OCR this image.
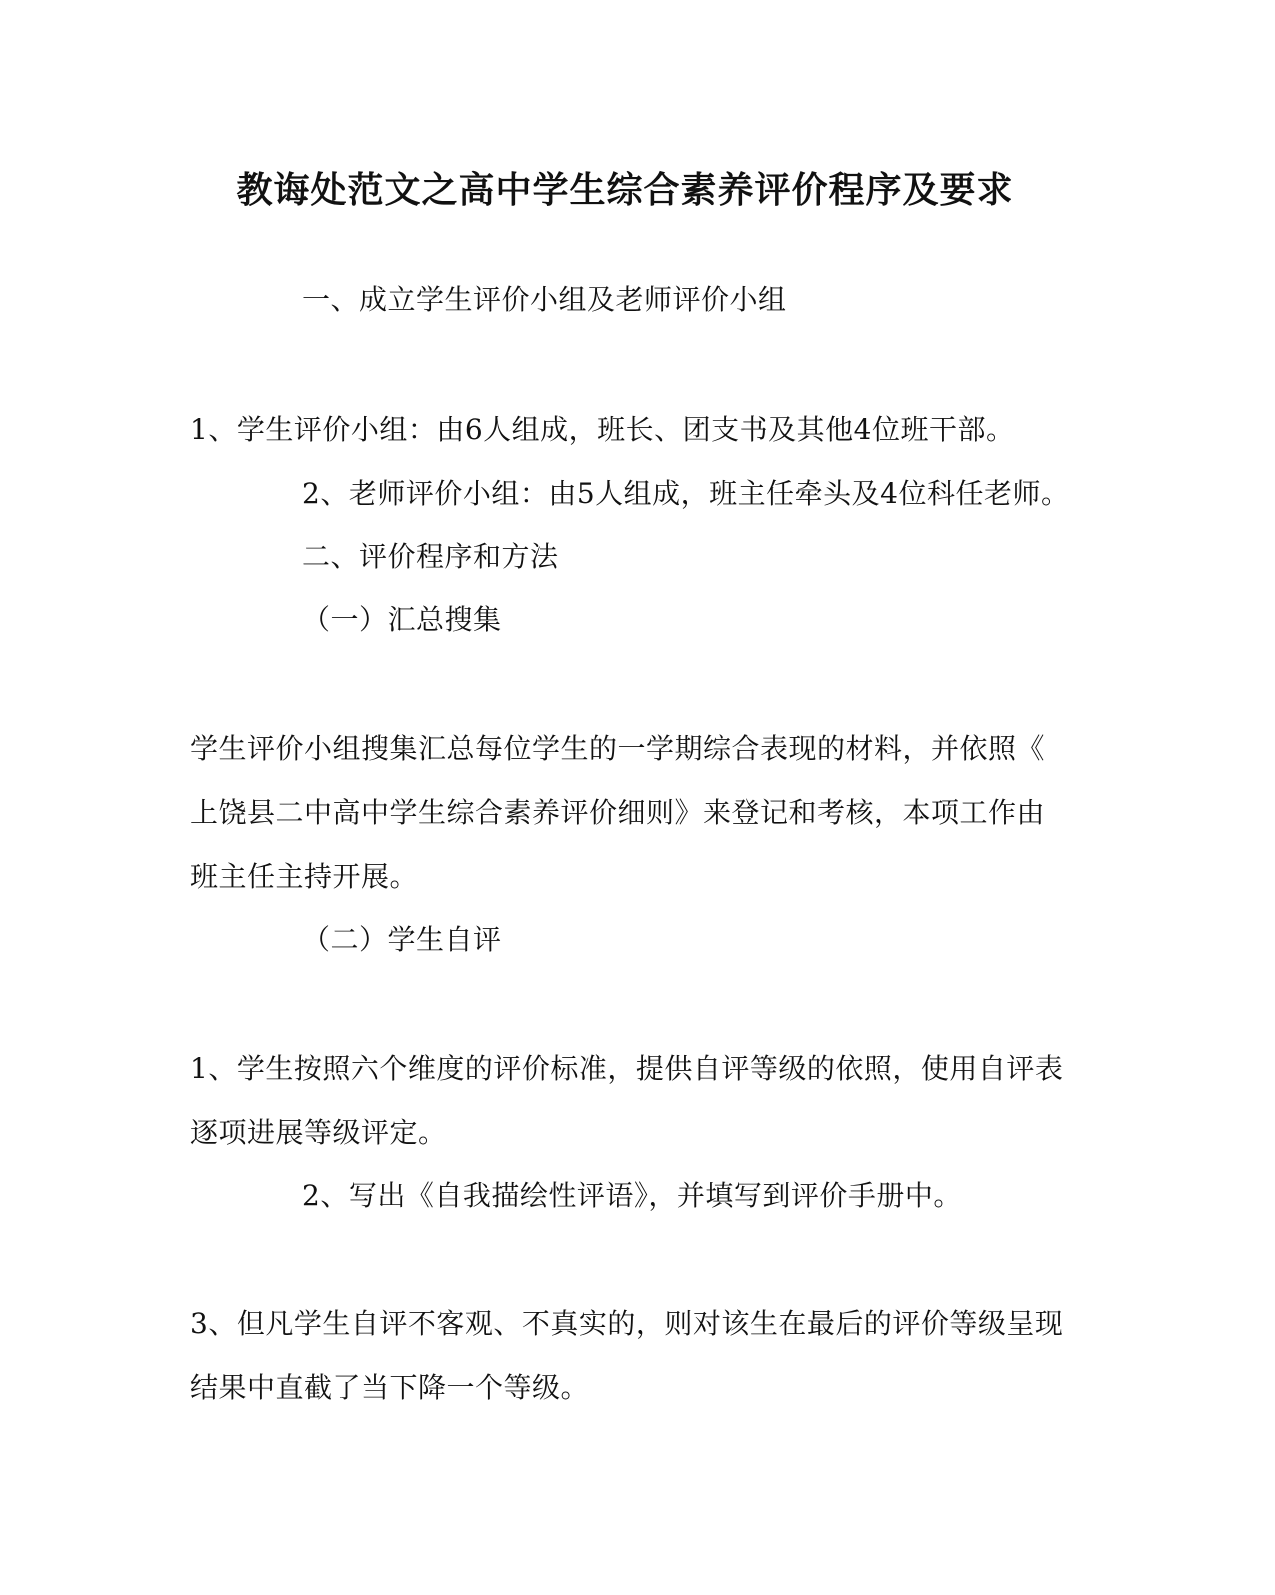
教诲处范文之高中学生综合素养评价程序及要求
一、成立学生评价小组及老师评价小组
1、学生评价小组：由6人组成，班长、团支书及其他4位班干部。
2、老师评价小组：由5人组成，班主任牵头及4位科任老师。
二、评价程序和方法
（一）汇总搜集
学生评价小组搜集汇总每位学生的一学期综合表现的材料，并依照《
上饶县二中高中学生综合素养评价细则》来登记和考核，本项工作由
班主任主持开展。
（二）学生自评
1、学生按照六个维度的评价标准，提供自评等级的依照，使用自评表
逐项进展等级评定。
2、写出《自我描绘性评语》，并填写到评价手册中。
3、但凡学生自评不客观、不真实的，则对该生在最后的评价等级呈现
结果中直截了当下降一个等级。
